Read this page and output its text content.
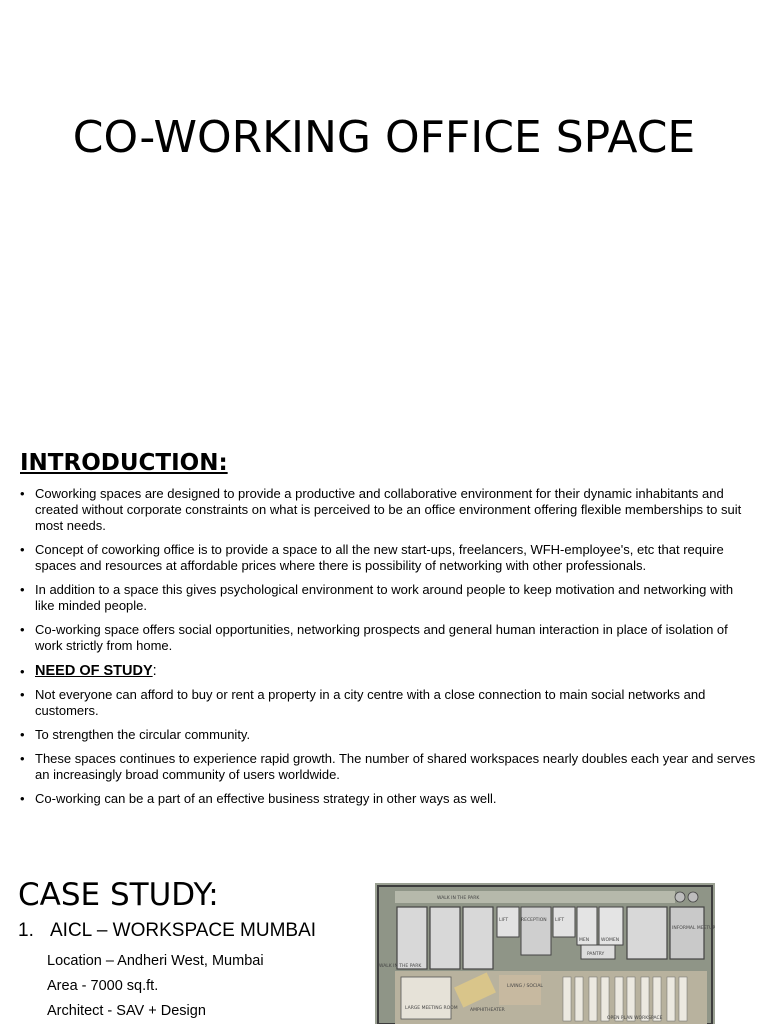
CO-WORKING OFFICE SPACE
INTRODUCTION:
• Coworking spaces are designed to provide a productive and collaborative environment for their dynamic inhabitants and created without corporate constraints on what is perceived to be an office environment offering flexible memberships to suit most needs.
• Concept of coworking office is to provide a space to all the new start-ups, freelancers, WFH-employee's, etc that require spaces and resources at affordable prices where there is possibility of networking with other professionals.
• In addition to a space this gives psychological environment to work around people to keep motivation and networking with like minded people.
• Co-working space offers social opportunities, networking prospects and general human interaction in place of isolation of work strictly from home.
• NEED OF STUDY:
• Not everyone can afford to buy or rent a property in a city centre with a close connection to main social networks and customers.
• To strengthen the circular community.
• These spaces continues to experience rapid growth. The number of shared workspaces nearly doubles each year and serves an increasingly broad community of users worldwide.
• Co-working can be a part of an effective business strategy in other ways as well.
CASE STUDY:
1. AICL – WORKSPACE MUMBAI
Location – Andheri West, Mumbai
Area - 7000 sq.ft.
Architect - SAV + Design
WALK IN THE PARK
LIFT	RECEPTION LIFT
MEN	WOMEN
PANTRY
INFORMAL MEETUP
WALK IN THE PARK
LIVING / SOCIAL
AMPHITHEATER
LARGE MEETING ROOM
OPEN PLAN WORKSPACE
